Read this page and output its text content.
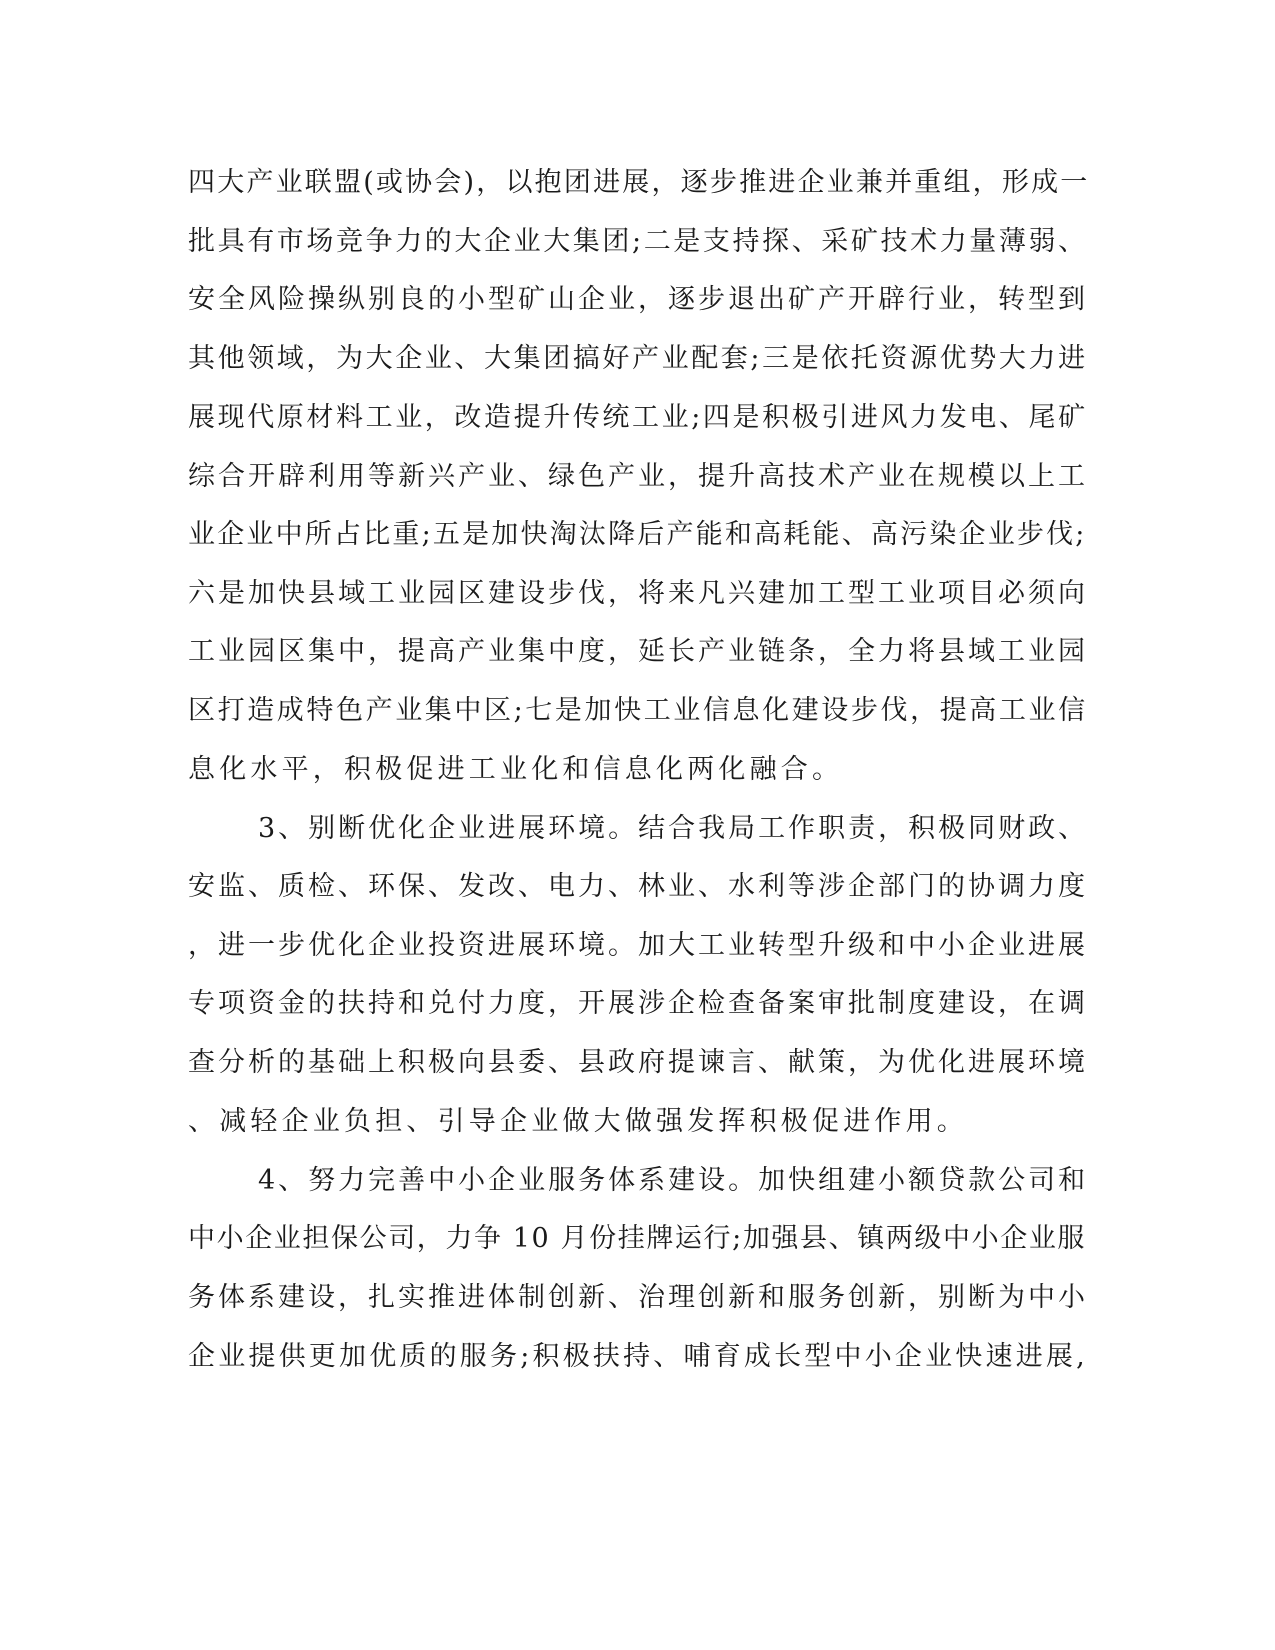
四大产业联盟(或协会)，以抱团进展，逐步推进企业兼并重组，形成一
批具有市场竞争力的大企业大集团;二是支持探、采矿技术力量薄弱、
安全风险操纵别良的小型矿山企业，逐步退出矿产开辟行业，转型到
其他领域，为大企业、大集团搞好产业配套;三是依托资源优势大力进
展现代原材料工业，改造提升传统工业;四是积极引进风力发电、尾矿
综合开辟利用等新兴产业、绿色产业，提升高技术产业在规模以上工
业企业中所占比重;五是加快淘汰降后产能和高耗能、高污染企业步伐;
六是加快县域工业园区建设步伐，将来凡兴建加工型工业项目必须向
工业园区集中，提高产业集中度，延长产业链条，全力将县域工业园
区打造成特色产业集中区;七是加快工业信息化建设步伐，提高工业信
息化水平，积极促进工业化和信息化两化融合。
3、别断优化企业进展环境。结合我局工作职责，积极同财政、
安监、质检、环保、发改、电力、林业、水利等涉企部门的协调力度
，进一步优化企业投资进展环境。加大工业转型升级和中小企业进展
专项资金的扶持和兑付力度，开展涉企检查备案审批制度建设，在调
查分析的基础上积极向县委、县政府提谏言、献策，为优化进展环境
、减轻企业负担、引导企业做大做强发挥积极促进作用。
4、努力完善中小企业服务体系建设。加快组建小额贷款公司和
中小企业担保公司，力争 10 月份挂牌运行;加强县、镇两级中小企业服
务体系建设，扎实推进体制创新、治理创新和服务创新，别断为中小
企业提供更加优质的服务;积极扶持、哺育成长型中小企业快速进展,
